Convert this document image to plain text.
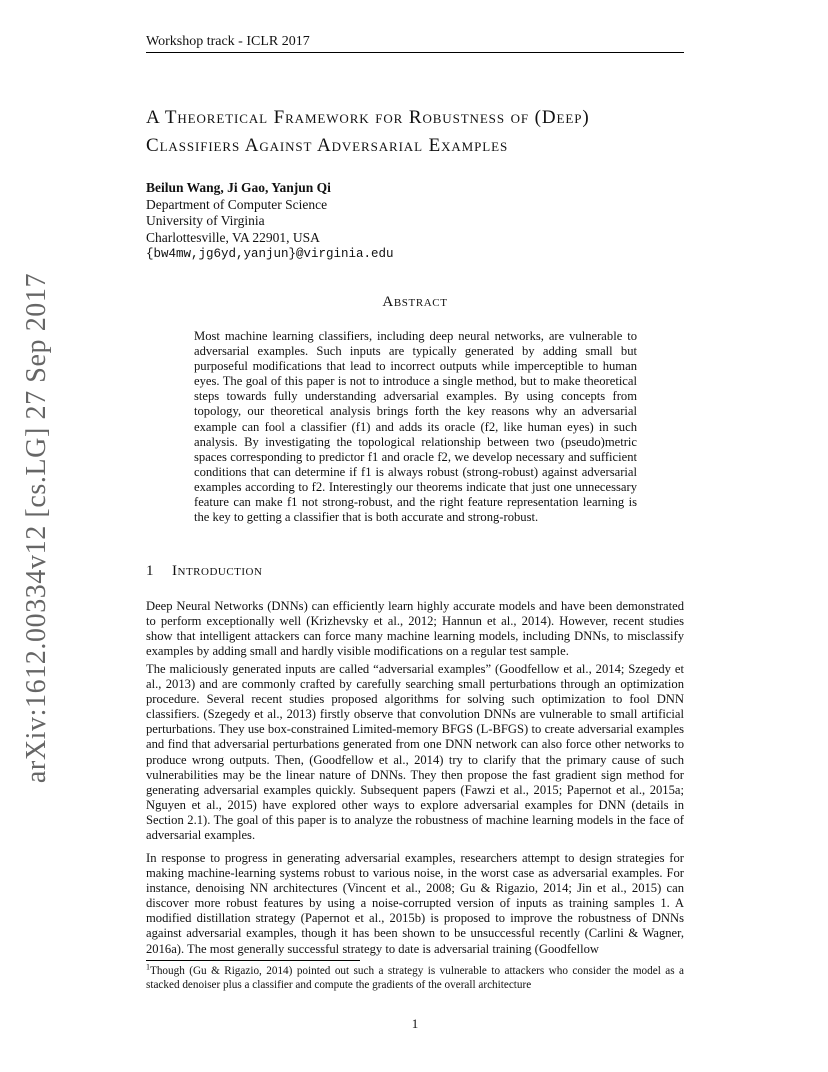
Workshop track - ICLR 2017
A Theoretical Framework for Robustness of (Deep)
Classifiers Against Adversarial Examples
Beilun Wang, Ji Gao, Yanjun Qi
Department of Computer Science
University of Virginia
Charlottesville, VA 22901, USA
{bw4mw,jg6yd,yanjun}@virginia.edu
arXiv:1612.00334v12 [cs.LG] 27 Sep 2017	Abstract
Most machine learning classifiers, including deep neural networks, are vulnerable to adversarial examples. Such inputs are typically generated by adding small but purposeful modifications that lead to incorrect outputs while imperceptible to human eyes. The goal of this paper is not to introduce a single method, but to make theoretical steps towards fully understanding adversarial examples. By using concepts from topology, our theoretical analysis brings forth the key reasons why an adversarial example can fool a classifier (f1) and adds its oracle (f2, like human eyes) in such analysis. By investigating the topological relationship between two (pseudo)metric spaces corresponding to predictor f1 and oracle f2, we develop necessary and sufficient conditions that can determine if f1 is always robust (strong-robust) against adversarial examples according to f2. Interestingly our theorems indicate that just one unnecessary feature can make f1 not strong-robust, and the right feature representation learning is the key to getting a classifier that is both accurate and strong-robust.
1 Introduction
Deep Neural Networks (DNNs) can efficiently learn highly accurate models and have been demonstrated to perform exceptionally well (Krizhevsky et al., 2012; Hannun et al., 2014). However, recent studies show that intelligent attackers can force many machine learning models, including DNNs, to misclassify examples by adding small and hardly visible modifications on a regular test sample.
The maliciously generated inputs are called “adversarial examples” (Goodfellow et al., 2014; Szegedy et al., 2013) and are commonly crafted by carefully searching small perturbations through an optimization procedure. Several recent studies proposed algorithms for solving such optimization to fool DNN classifiers. (Szegedy et al., 2013) firstly observe that convolution DNNs are vulnerable to small artificial perturbations. They use box-constrained Limited-memory BFGS (L-BFGS) to create adversarial examples and find that adversarial perturbations generated from one DNN network can also force other networks to produce wrong outputs. Then, (Goodfellow et al., 2014) try to clarify that the primary cause of such vulnerabilities may be the linear nature of DNNs. They then propose the fast gradient sign method for generating adversarial examples quickly. Subsequent papers (Fawzi et al., 2015; Papernot et al., 2015a; Nguyen et al., 2015) have explored other ways to explore adversarial examples for DNN (details in Section 2.1). The goal of this paper is to analyze the robustness of machine learning models in the face of adversarial examples.
In response to progress in generating adversarial examples, researchers attempt to design strategies for making machine-learning systems robust to various noise, in the worst case as adversarial examples. For instance, denoising NN architectures (Vincent et al., 2008; Gu & Rigazio, 2014; Jin et al., 2015) can discover more robust features by using a noise-corrupted version of inputs as training samples 1. A modified distillation strategy (Papernot et al., 2015b) is proposed to improve the robustness of DNNs against adversarial examples, though it has been shown to be unsuccessful recently (Carlini & Wagner, 2016a). The most generally successful strategy to date is adversarial training (Goodfellow
$^1$Though (Gu & Rigazio, 2014) pointed out such a strategy is vulnerable to attackers who consider the model as a stacked denoiser plus a classifier and compute the gradients of the overall architecture
1
